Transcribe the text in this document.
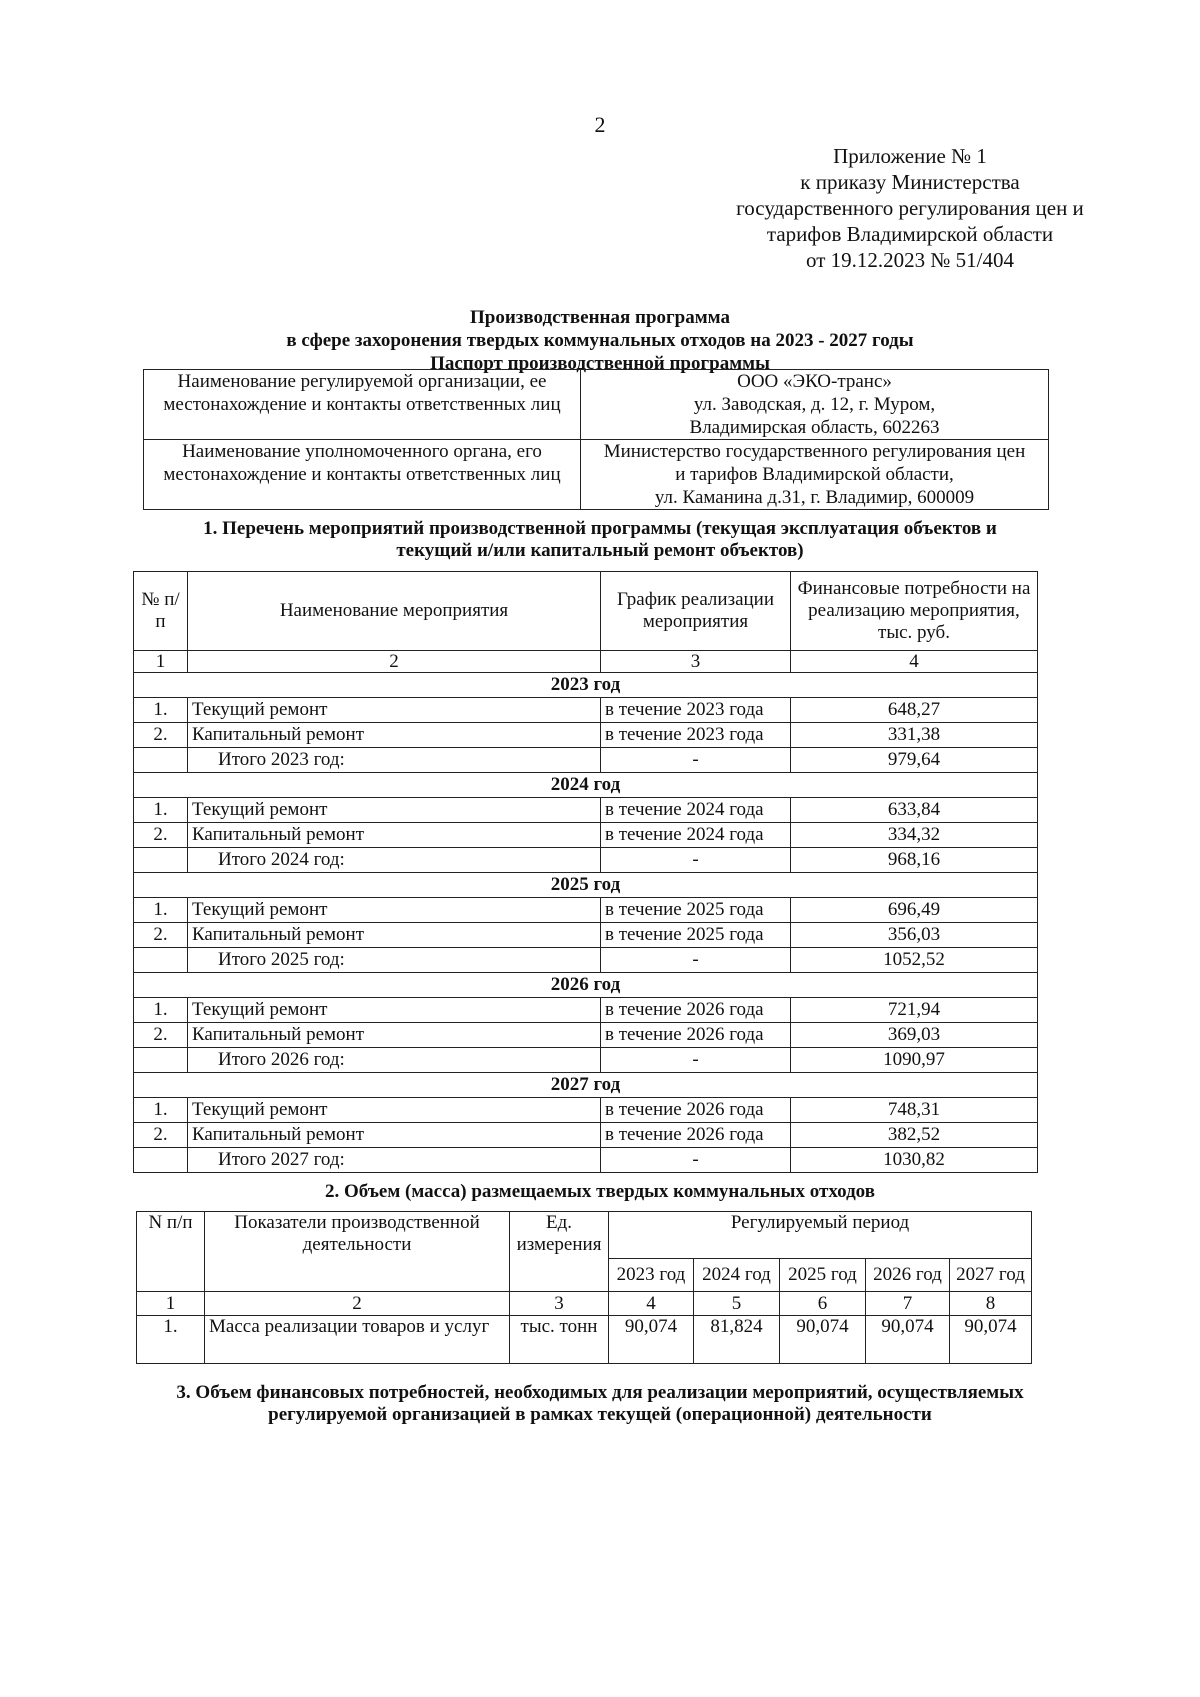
2
Приложение № 1
к приказу Министерства
государственного регулирования цен и
тарифов Владимирской области
от 19.12.2023 № 51/404
Производственная программа
в сфере захоронения твердых коммунальных отходов на 2023 - 2027 годы
Паспорт производственной программы
Наименование регулируемой организации, ее местонахождение и контакты ответственных лиц	ООО «ЭКО-транс»
ул. Заводская, д. 12, г. Муром,
Владимирская область, 602263

Наименование уполномоченного органа, его местонахождение и контакты ответственных лиц	Министерство государственного регулирования цен
и тарифов Владимирской области,
ул. Каманина д.31, г. Владимир, 600009
1. Перечень мероприятий производственной программы (текущая эксплуатация объектов и
текущий и/или капитальный ремонт объектов)
№ п/п	Наименование мероприятия	График реализации мероприятия	Финансовые потребности на реализацию мероприятия, тыс. руб.
1	2	3	4
2023 год			
1.	Текущий ремонт	в течение 2023 года	648,27
2.	Капитальный ремонт	в течение 2023 года	331,38
	Итого 2023 год:	-	979,64
2024 год			
1.	Текущий ремонт	в течение 2024 года	633,84
2.	Капитальный ремонт	в течение 2024 года	334,32
	Итого 2024 год:	-	968,16
2025 год			
1.	Текущий ремонт	в течение 2025 года	696,49
2.	Капитальный ремонт	в течение 2025 года	356,03
	Итого 2025 год:	-	1052,52
2026 год			
1.	Текущий ремонт	в течение 2026 года	721,94
2.	Капитальный ремонт	в течение 2026 года	369,03
	Итого 2026 год:	-	1090,97
2027 год			
1.	Текущий ремонт	в течение 2026 года	748,31
2.	Капитальный ремонт	в течение 2026 года	382,52
	Итого 2027 год:	-	1030,82
2. Объем (масса) размещаемых твердых коммунальных отходов
N п/п	Показатели производственной деятельности	Ед. измерения	Регулируемый период				
			2023 год	2024 год	2025 год	2026 год	2027 год
1	2	3	4	5	6	7	8
1.	Масса реализации товаров и услуг	тыс. тонн	90,074	81,824	90,074	90,074	90,074
3. Объем финансовых потребностей, необходимых для реализации мероприятий, осуществляемых
регулируемой организацией в рамках текущей (операционной) деятельности
